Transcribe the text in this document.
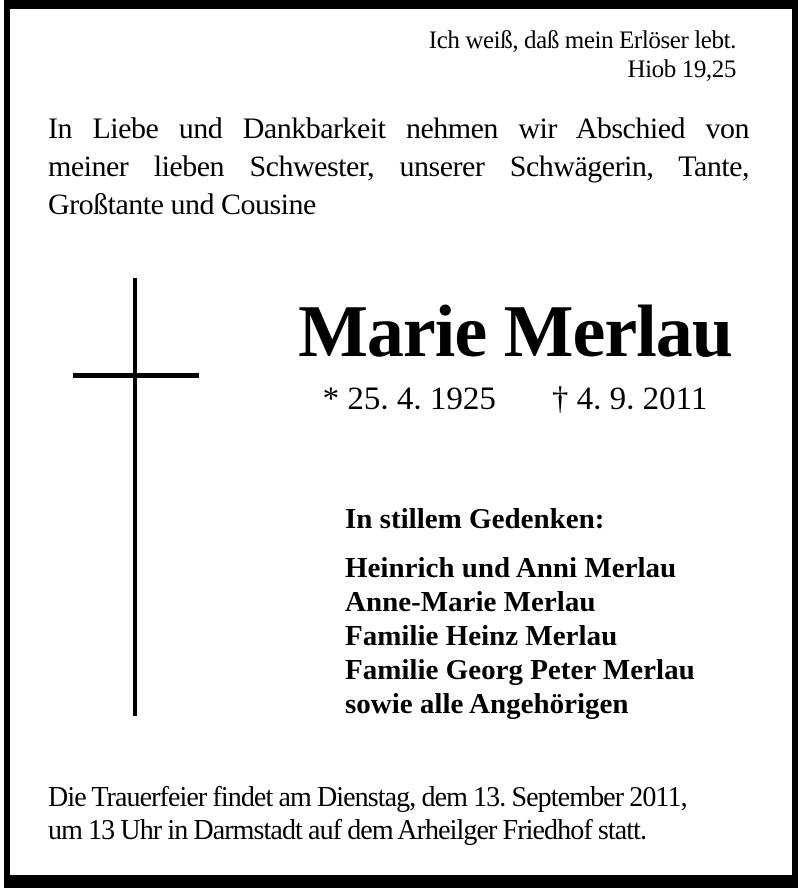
Ich weiß, daß mein Erlöser lebt.
Hiob 19,25
In Liebe und Dankbarkeit nehmen wir Abschied von
meiner lieben Schwester, unserer Schwägerin, Tante,
Großtante und Cousine
Marie Merlau
* 25. 4. 1925 † 4. 9. 2011
In stillem Gedenken:
Heinrich und Anni Merlau
Anne-Marie Merlau
Familie Heinz Merlau
Familie Georg Peter Merlau
sowie alle Angehörigen
Die Trauerfeier findet am Dienstag, dem 13. September 2011,
um 13 Uhr in Darmstadt auf dem Arheilger Friedhof statt.
